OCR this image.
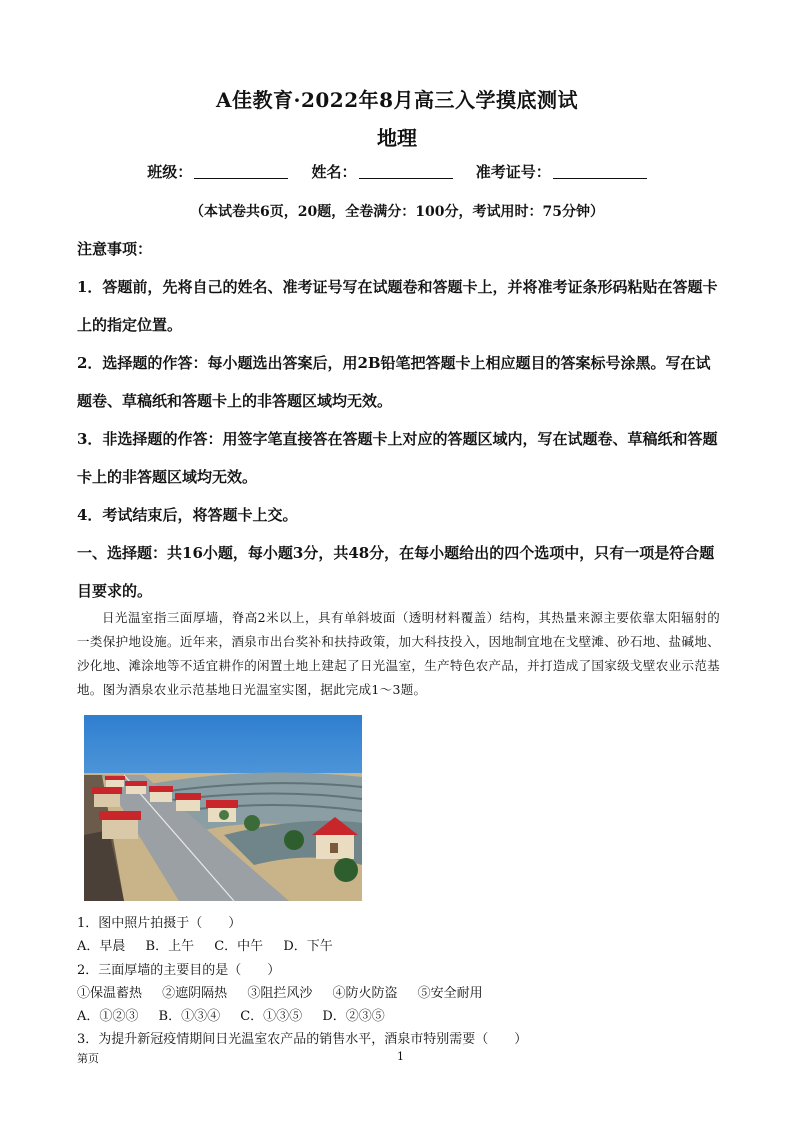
A佳教育·2022年8月高三入学摸底测试
地理
班级：	姓名：	准考证号：
（本试卷共6页，20题，全卷满分：100分，考试用时：75分钟）
注意事项：
1．答题前，先将自己的姓名、准考证号写在试题卷和答题卡上，并将准考证条形码粘贴在答题卡上的指定位置。
2．选择题的作答：每小题选出答案后，用2B铅笔把答题卡上相应题目的答案标号涂黑。写在试题卷、草稿纸和答题卡上的非答题区域均无效。
3．非选择题的作答：用签字笔直接答在答题卡上对应的答题区域内，写在试题卷、草稿纸和答题卡上的非答题区域均无效。
4．考试结束后，将答题卡上交。
一、选择题：共16小题，每小题3分，共48分，在每小题给出的四个选项中，只有一项是符合题目要求的。
日光温室指三面厚墙，脊高2米以上，具有单斜坡面（透明材料覆盖）结构，其热量来源主要依靠太阳辐射的一类保护地设施。近年来，酒泉市出台奖补和扶持政策，加大科技投入，因地制宜地在戈壁滩、砂石地、盐碱地、沙化地、滩涂地等不适宜耕作的闲置土地上建起了日光温室，生产特色农产品，并打造成了国家级戈壁农业示范基地。图为酒泉农业示范基地日光温室实图，据此完成1～3题。
1．图中照片拍摄于（　　）
A．早晨 B．上午 C．中午 D．下午
2．三面厚墙的主要目的是（　　）
①保温蓄热 ②遮阴隔热 ③阻拦风沙 ④防火防盗 ⑤安全耐用
A．①②③ B．①③④ C．①③⑤ D．②③⑤
3．为提升新冠疫情期间日光温室农产品的销售水平，酒泉市特别需要（　　）
第页	1
